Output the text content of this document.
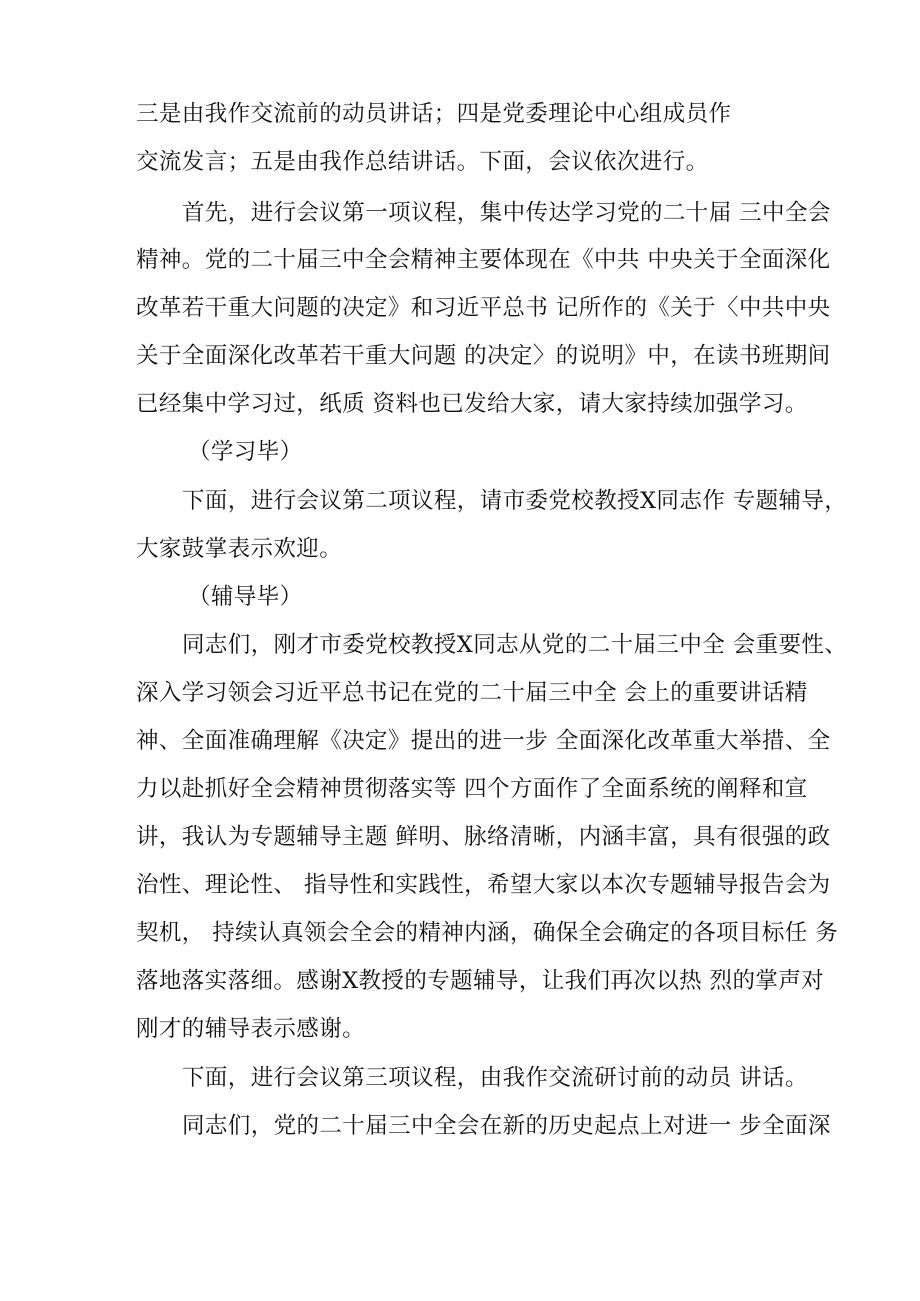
三是由我作交流前的动员讲话；四是党委理论中心组成员作
交流发言；五是由我作总结讲话。下面，会议依次进行。
首先，进行会议第一项议程，集中传达学习党的二十届 三中全会
精神。党的二十届三中全会精神主要体现在《中共 中央关于全面深化
改革若干重大问题的决定》和习近平总书 记所作的《关于〈中共中央
关于全面深化改革若干重大问题 的决定〉的说明》中，在读书班期间
已经集中学习过，纸质 资料也已发给大家，请大家持续加强学习。
（学习毕）
下面，进行会议第二项议程，请市委党校教授X同志作 专题辅导，
大家鼓掌表示欢迎。
（辅导毕）
同志们，刚才市委党校教授X同志从党的二十届三中全 会重要性、
深入学习领会习近平总书记在党的二十届三中全 会上的重要讲话精
神、全面准确理解《决定》提出的进一步 全面深化改革重大举措、全
力以赴抓好全会精神贯彻落实等 四个方面作了全面系统的阐释和宣
讲，我认为专题辅导主题 鲜明、脉络清晰，内涵丰富，具有很强的政
治性、理论性、 指导性和实践性，希望大家以本次专题辅导报告会为
契机， 持续认真领会全会的精神内涵，确保全会确定的各项目标任 务
落地落实落细。感谢X教授的专题辅导，让我们再次以热 烈的掌声对
刚才的辅导表示感谢。
下面，进行会议第三项议程，由我作交流研讨前的动员 讲话。
同志们，党的二十届三中全会在新的历史起点上对进一 步全面深
